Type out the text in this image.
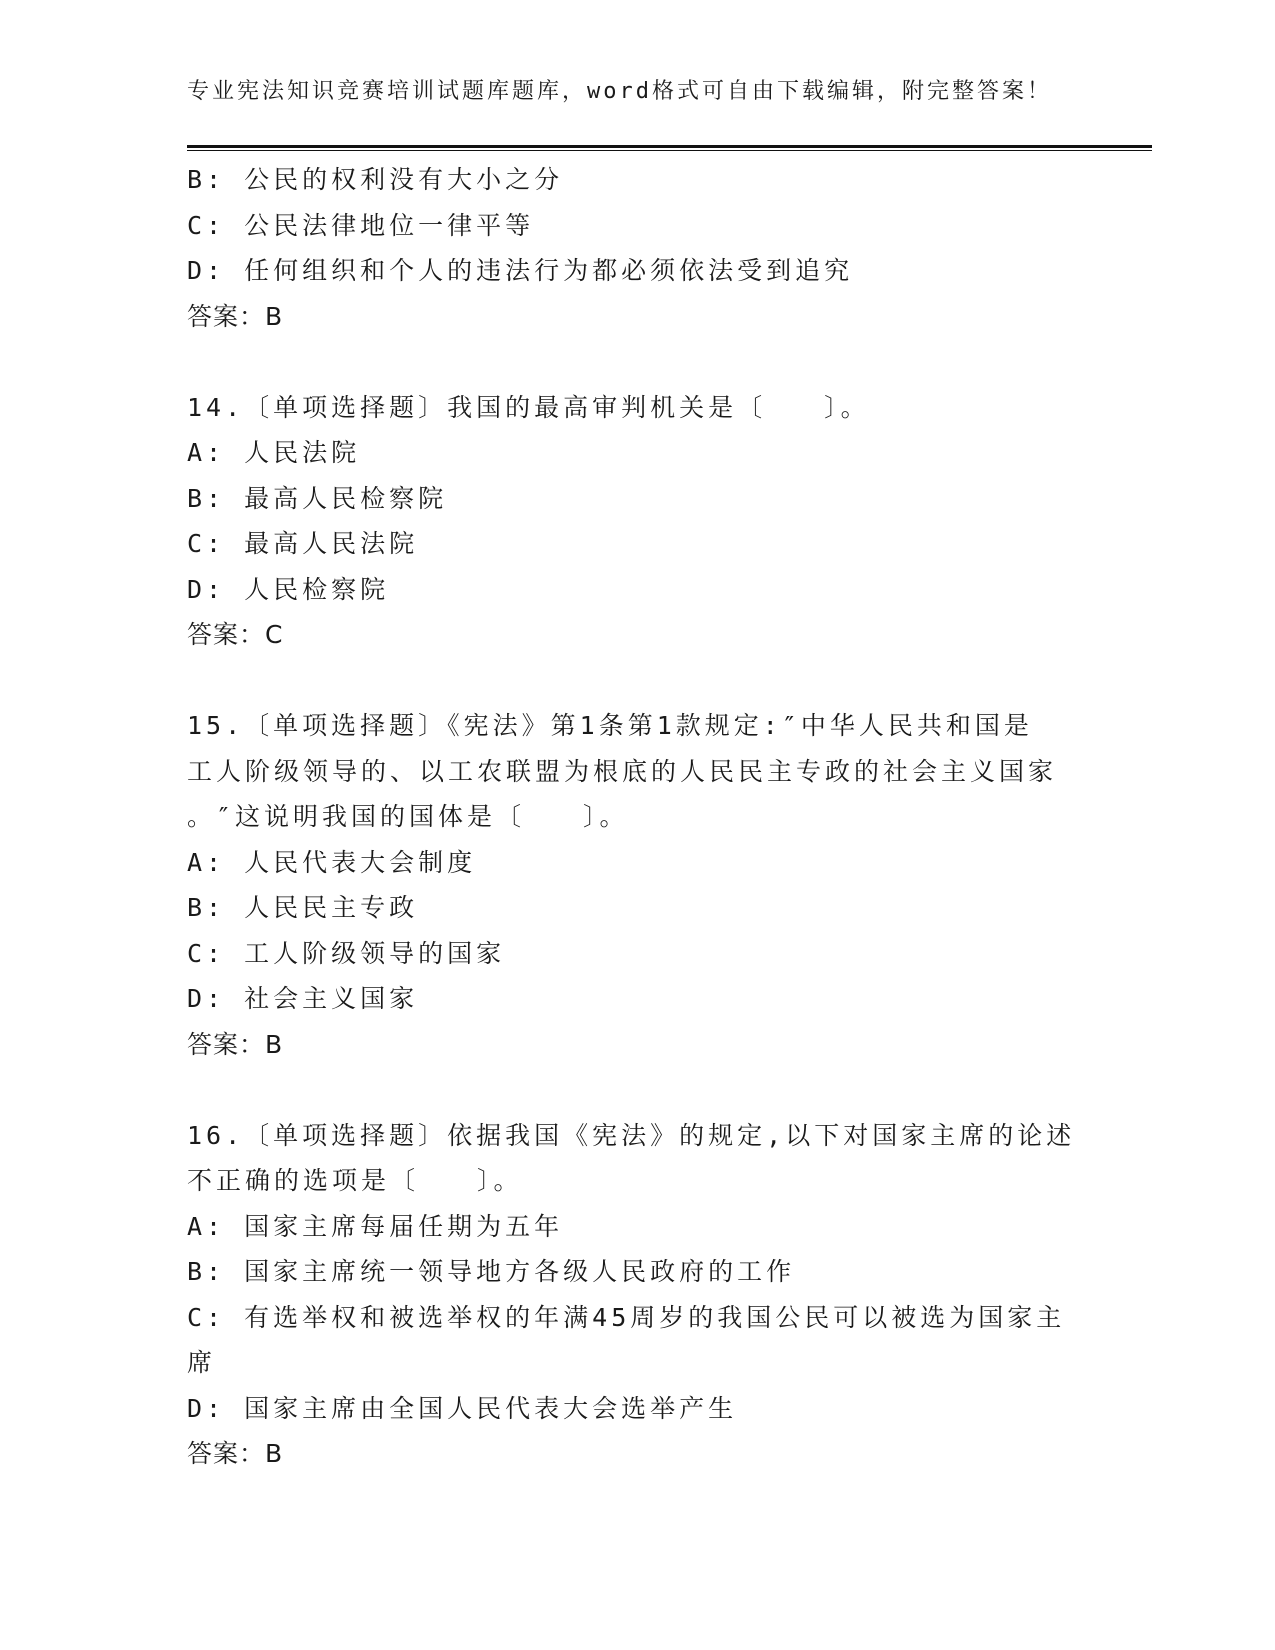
专业宪法知识竞赛培训试题库题库，word格式可自由下载编辑，附完整答案！
B: 公民的权利没有大小之分
C: 公民法律地位一律平等
D: 任何组织和个人的违法行为都必须依法受到追究
答案：B
14.〔单项选择题〕我国的最高审判机关是〔　　〕。
A: 人民法院
B: 最高人民检察院
C: 最高人民法院
D: 人民检察院
答案：C
15.〔单项选择题〕《宪法》第1条第1款规定:″中华人民共和国是
工人阶级领导的、以工农联盟为根底的人民民主专政的社会主义国家
。″这说明我国的国体是〔　　〕。
A: 人民代表大会制度
B: 人民民主专政
C: 工人阶级领导的国家
D: 社会主义国家
答案：B
16.〔单项选择题〕依据我国《宪法》的规定,以下对国家主席的论述
不正确的选项是〔　　〕。
A: 国家主席每届任期为五年
B: 国家主席统一领导地方各级人民政府的工作
C: 有选举权和被选举权的年满45周岁的我国公民可以被选为国家主
席
D: 国家主席由全国人民代表大会选举产生
答案：B
